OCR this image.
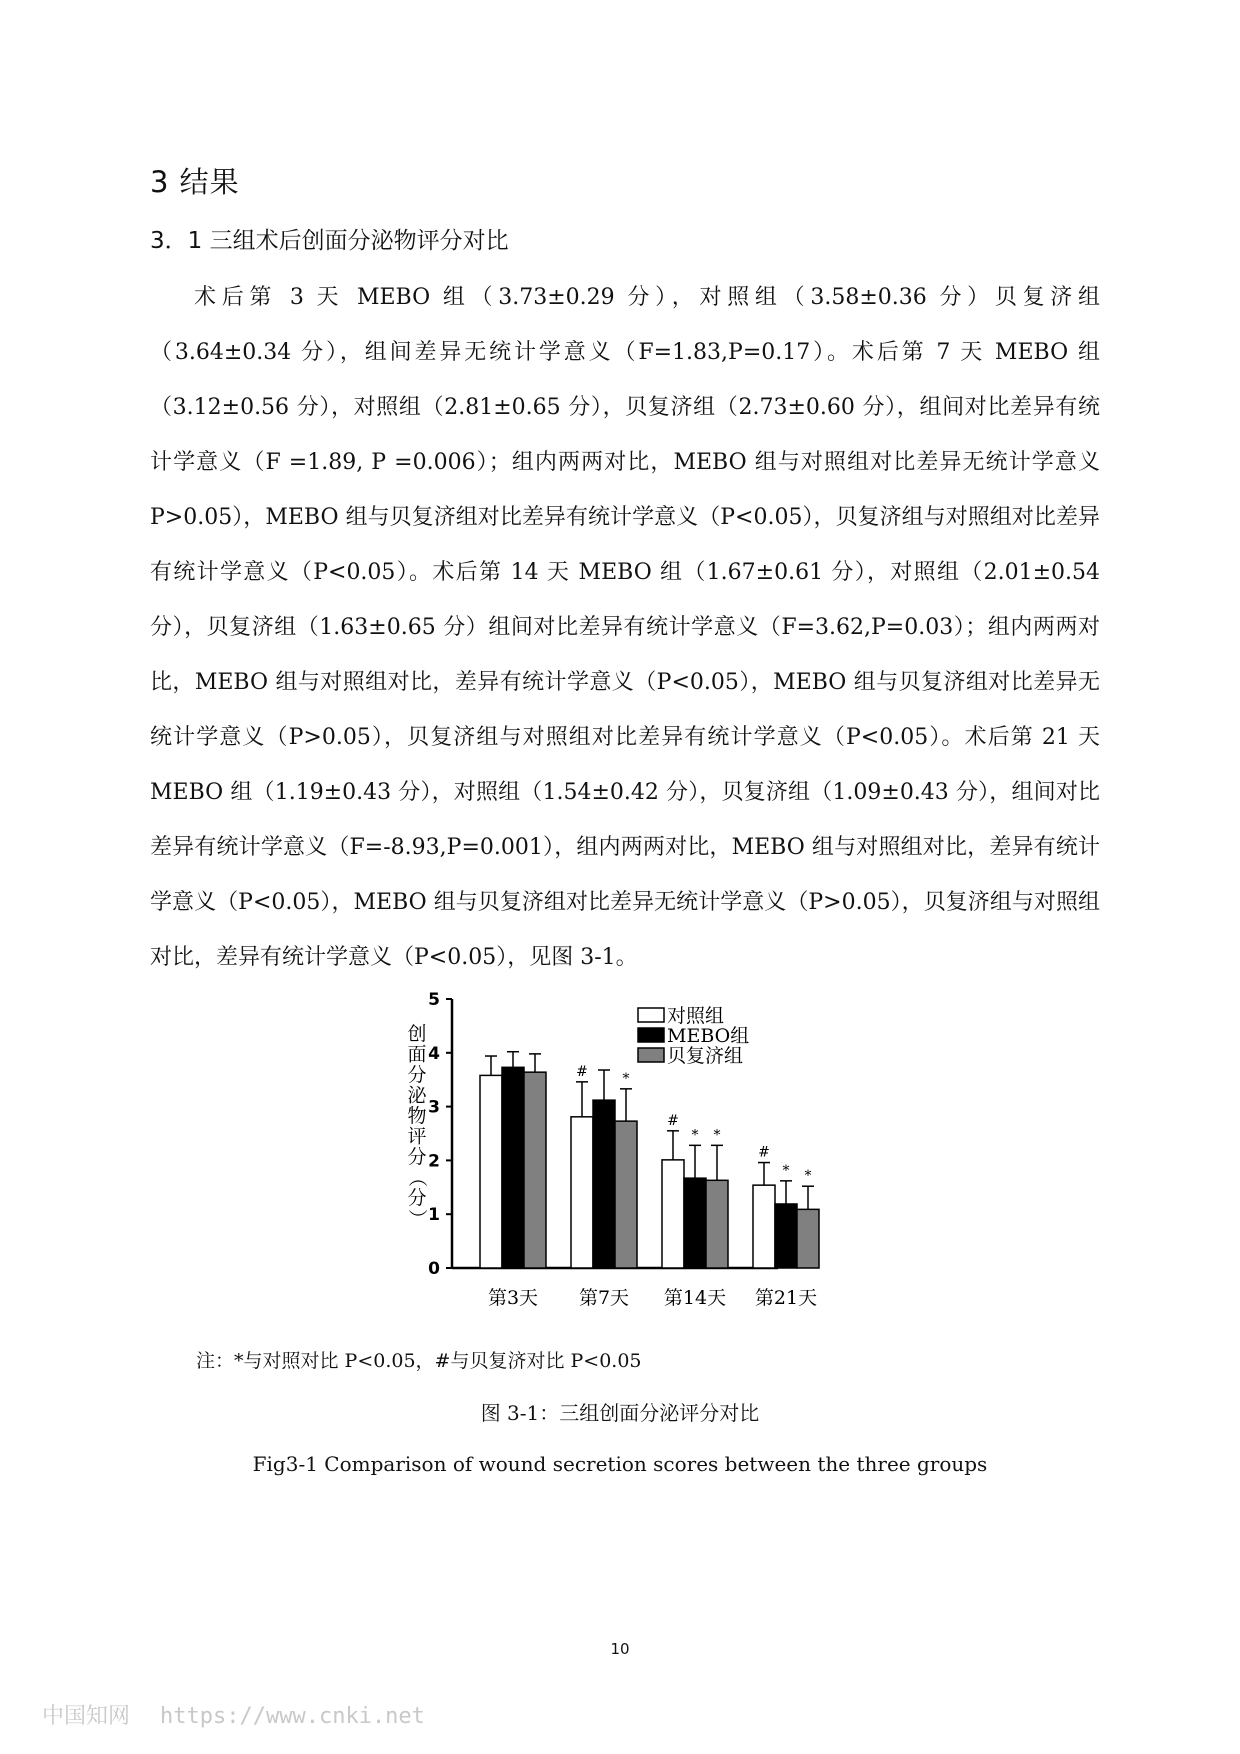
3 结果
3．1 三组术后创面分泌物评分对比

术后第 3 天 MEBO 组（3.73±0.29 分），对照组（3.58±0.36 分）贝复济组（3.64±0.34 分），组间差异无统计学意义（F=1.83,P=0.17）。术后第 7 天 MEBO 组（3.12±0.56 分），对照组（2.81±0.65 分），贝复济组（2.73±0.60 分），组间对比差异有统计学意义（F =1.89, P =0.006）；组内两两对比，MEBO 组与对照组对比差异无统计学意义 P>0.05），MEBO 组与贝复济组对比差异有统计学意义（P<0.05），贝复济组与对照组对比差异有统计学意义（P<0.05）。术后第 14 天 MEBO 组（1.67±0.61 分），对照组（2.01±0.54 分），贝复济组（1.63±0.65 分）组间对比差异有统计学意义（F=3.62,P=0.03）；组内两两对比，MEBO 组与对照组对比，差异有统计学意义（P<0.05），MEBO 组与贝复济组对比差异无统计学意义（P>0.05），贝复济组与对照组对比差异有统计学意义（P<0.05）。术后第 21 天 MEBO 组（1.19±0.43 分），对照组（1.54±0.42 分），贝复济组（1.09±0.43 分），组间对比差异有统计学意义（F=-8.93,P=0.001），组内两两对比，MEBO 组与对照组对比，差异有统计学意义（P<0.05），MEBO 组与贝复济组对比差异无统计学意义（P>0.05），贝复济组与对照组对比，差异有统计学意义（P<0.05），见图 3-1。

0
1
2
3
4
5
创
面
分
泌
物
评
分
（
分
）
第3天
# *
第7天
#
* *
第14天
#
* *
第21天
对照组
MEBO组
贝复济组
注：*与对照对比 P<0.05，#与贝复济对比 P<0.05
图 3-1：三组创面分泌评分对比
Fig3-1 Comparison of wound secretion scores between the three groups
10
中国知网 https://www.cnki.net
